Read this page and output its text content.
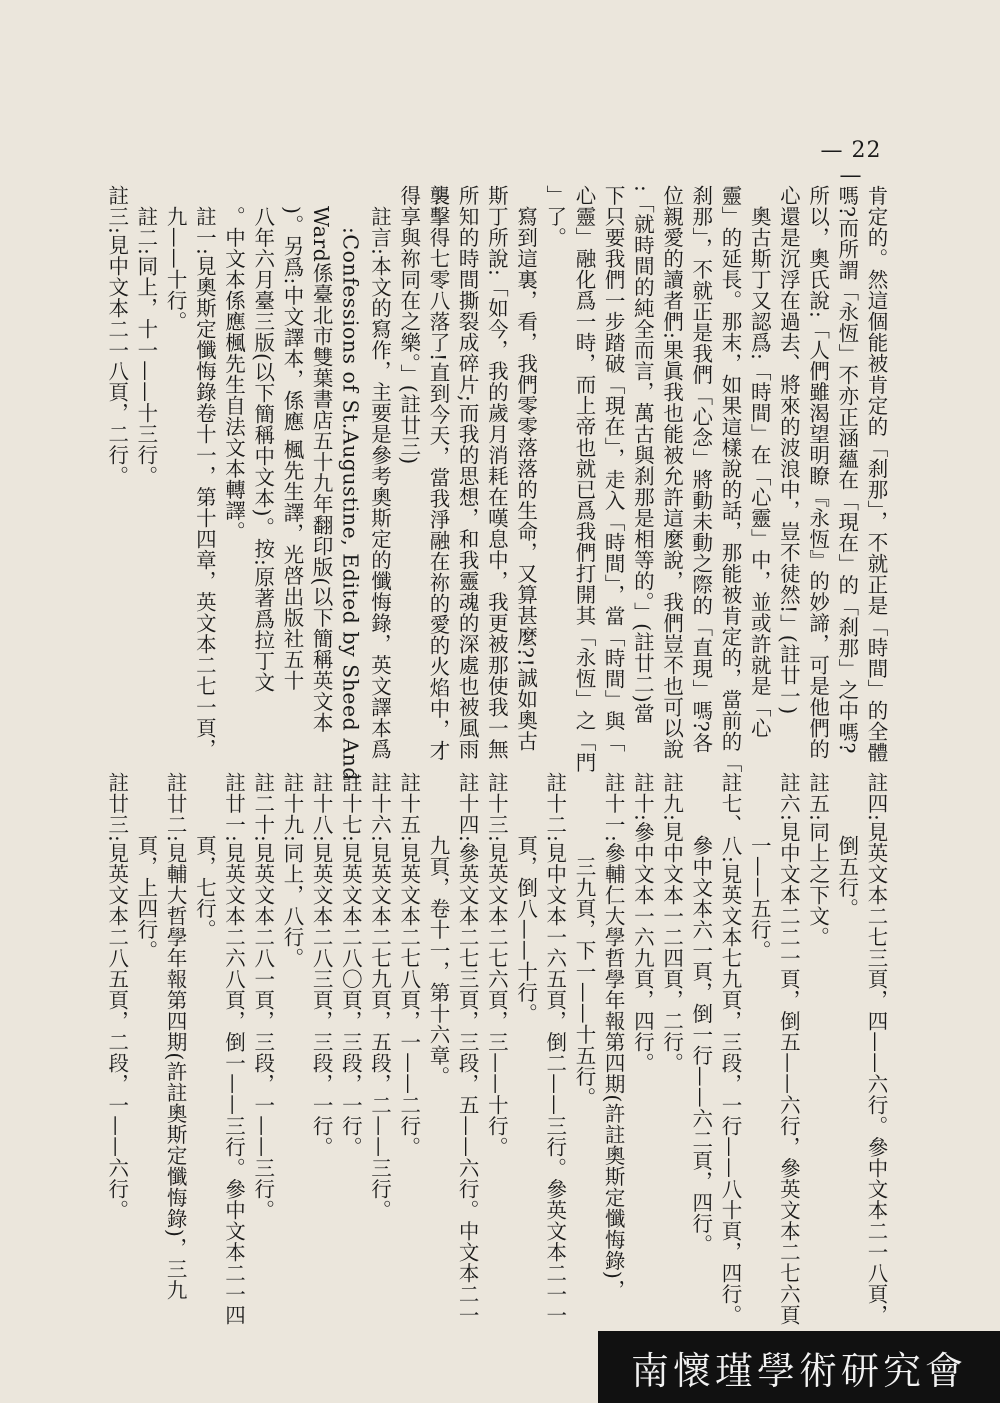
— 22 —

肯定的。然這個能被肯定的「刹那」，不就正是「時間」的全體

嗎?而所謂「永恆」不亦正涵蘊在「現在」的「刹那」之中嗎?

所以，奧氏說:「人們雖渴望明瞭『永恆』的妙諦，可是他們的

心還是沉浮在過去、將來的波浪中，豈不徒然!」(註廿一)

奧古斯丁又認爲:「時間」在「心靈」中，並或許就是「心

靈」的延長。那末，如果這樣說的話，那能被肯定的，當前的「

刹那」，不就正是我們「心念」將動未動之際的「直現」嗎?各

位親愛的讀者們:果眞我也能被允許這麼說，我們豈不也可以說

:「就時間的純全而言，萬古與刹那是相等的。」(註廿二)當

下只要我們一步踏破「現在」，走入「時間」，當「時間」與「

心靈」融化爲一時，而上帝也就已爲我們打開其「永恆」之「門

」了。

寫到這裏，看，我們零零落落的生命，又算甚麼?!誠如奧古

斯丁所說:「如今，我的歲月消耗在嘆息中，我更被那使我一無

所知的時間撕裂成碎片;而我的思想，和我靈魂的深處也被風雨

襲擊得七零八落了!直到今天，當我淨融在祢的愛的火焰中，才

得享與祢同在之樂。」(註廿三)

註言:本文的寫作，主要是參考奧斯定的懺悔錄，英文譯本爲

:Confessions of St.Augustine, Edited by Sheed And

Ward係臺北市雙葉書店五十九年翻印版(以下簡稱英文本

)。另爲:中文譯本，係應 楓先生譯，光啓出版社五十

八年六月臺三版(以下簡稱中文本)。按:原著爲拉丁文

。中文本係應楓先生自法文本轉譯。

註一:見奧斯定懺悔錄卷十一，第十四章，英文本二七一頁，

九——十行。

註二:同上，十一——十三行。

註三:見中文本二一八頁，二行。

註四:見英文本二七三頁，四——六行。參中文本二一八頁，

倒五行。

註五:同上之下文。

註六:見中文本二二一頁，倒五——六行，參英文本二七六頁

一——五行。

註七、八:見英文本七九頁，三段，一行——八十頁，四行。

參中文本六一頁，倒一行——六二頁，四行。

註九:見中文本一二四頁，二行。

註十:參中文本一六九頁，四行。

註十一:參輔仁大學哲學年報第四期(許註奧斯定懺悔錄)，

三九頁，下一——十五行。

註十二:見中文本一六五頁，倒二——三行。參英文本二一一

頁，倒八——十行。

註十三:見英文本二七六頁，三——十行。

註十四:參英文本二七三頁，三段，五——六行。中文本二一

九頁，卷十一，第十六章。

註十五:見英文本二七八頁，一——二行。

註十六:見英文本二七九頁，五段，二——三行。

註十七:見英文本二八〇頁，三段，一行。

註十八:見英文本二八三頁，三段，一行。

註十九:同上，八行。

註二十:見英文本二八一頁，三段，一——三行。

註廿一:見英文本二六八頁，倒一——三行。參中文本二一四

頁，七行。

註廿二:見輔大哲學年報第四期(許註奧斯定懺悔錄)，三九

頁，上四行。

註廿三:見英文本二八五頁，二段，一——六行。

南懷瑾學術研究會
